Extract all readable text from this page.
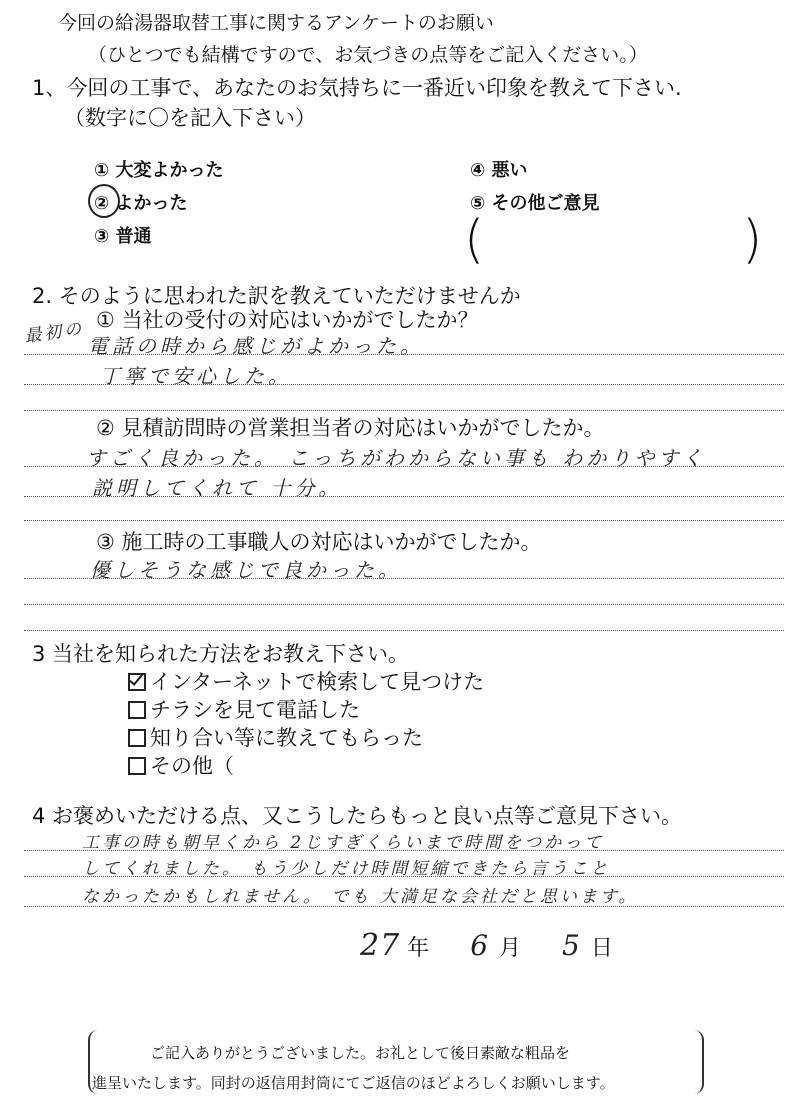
今回の給湯器取替工事に関するアンケートのお願い
（ひとつでも結構ですので、お気づきの点等をご記入ください。）
1、今回の工事で、あなたのお気持ちに一番近い印象を教えて下さい.
（数字に〇を記入下さい）
① 大変よかった
② よかった
③ 普通
④ 悪い
⑤ その他ご意見
(	)
2. そのように思われた訳を教えていただけませんか
① 当社の受付の対応はいかがでしたか？
最初の 電話の時から感じがよかった。
丁寧で安心した。
② 見積訪問時の営業担当者の対応はいかがでしたか。
すごく良かった。 こっちがわからない事も わかりやすく
説明してくれて 十分。
③ 施工時の工事職人の対応はいかがでしたか。
優しそうな感じで良かった。
3 当社を知られた方法をお教え下さい。
インターネットで検索して見つけた
チラシを見て電話した
知り合い等に教えてもらった
その他（
4 お褒めいただける点、又こうしたらもっと良い点等ご意見下さい。
工事の時も朝早くから 2じすぎくらいまで時間をつかって
してくれました。 もう少しだけ時間短縮できたら言うこと
なかったかもしれません。 でも 大満足な会社だと思います。
27 年 6 月 5 日
ご記入ありがとうございました。お礼として後日素敵な粗品を
進呈いたします。同封の返信用封筒にてご返信のほどよろしくお願いします。
